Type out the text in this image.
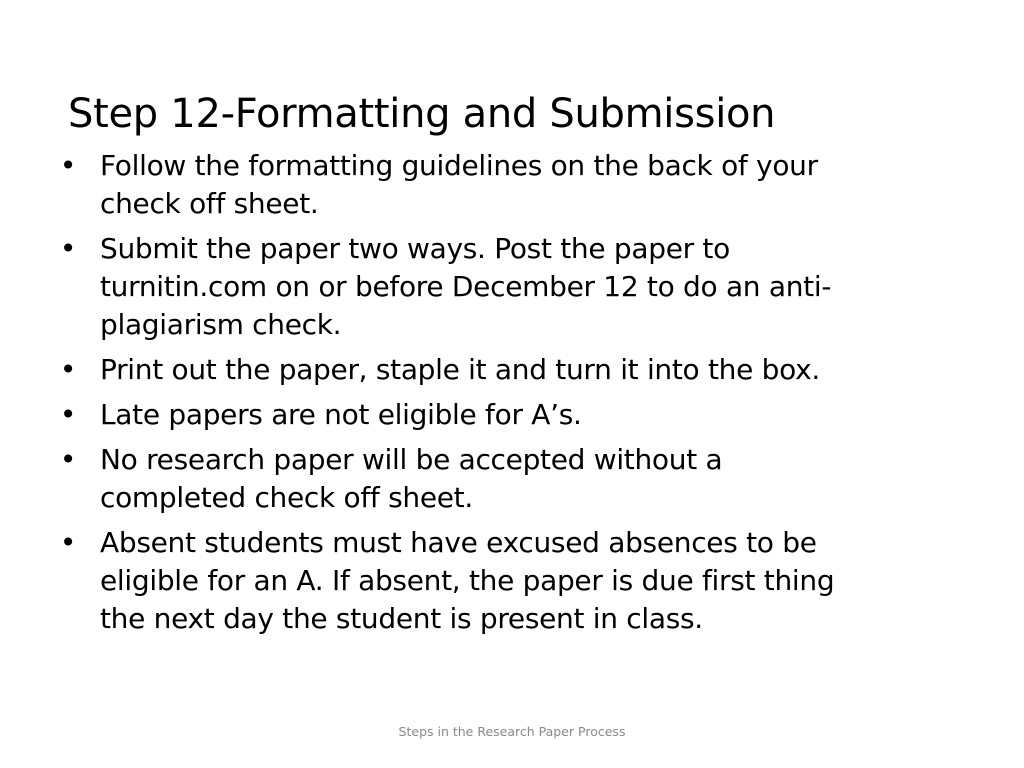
Step 12-Formatting and Submission
• Follow the formatting guidelines on the back of your check off sheet.
• Submit the paper two ways. Post the paper to turnitin.com on or before December 12 to do an anti-plagiarism check.
• Print out the paper, staple it and turn it into the box.
• Late papers are not eligible for A’s.
• No research paper will be accepted without a completed check off sheet.
• Absent students must have excused absences to be eligible for an A. If absent, the paper is due first thing the next day the student is present in class.
Steps in the Research Paper Process
